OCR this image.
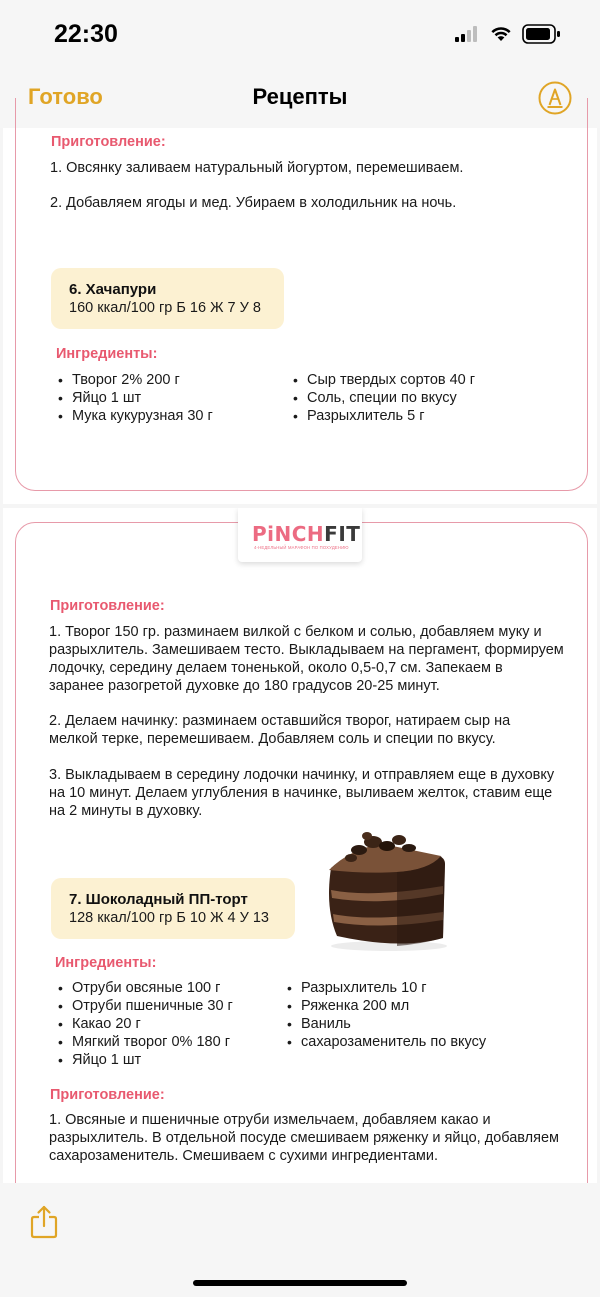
22:30
Готово	Рецепты
Приготовление:
1. Овсянку заливаем натуральный йогуртом, перемешиваем.
2. Добавляем ягоды и мед. Убираем в холодильник на ночь.
6. Хачапури
160 ккал/100 гр Б 16 Ж 7 У 8
Ингредиенты:
• Творог 2% 200 г
• Яйцо 1 шт
• Мука кукурузная 30 г
• Сыр твердых сортов 40 г
• Соль, специи по вкусу
• Разрыхлитель 5 г
PiNCHFIT
4-НЕДЕЛЬНЫЙ МАРАФОН ПО ПОХУДЕНИЮ
Приготовление:
1. Творог 150 гр. разминаем вилкой с белком и солью, добавляем муку и
разрыхлитель. Замешиваем тесто. Выкладываем на пергамент, формируем
лодочку, середину делаем тоненькой, около 0,5-0,7 см. Запекаем в
заранее разогретой духовке до 180 градусов 20-25 минут.
2. Делаем начинку: разминаем оставшийся творог, натираем сыр на
мелкой терке, перемешиваем. Добавляем соль и специи по вкусу.
3. Выкладываем в середину лодочки начинку, и отправляем еще в духовку
на 10 минут. Делаем углубления в начинке, выливаем желток, ставим еще
на 2 минуты в духовку.
7. Шоколадный ПП-торт
128 ккал/100 гр Б 10 Ж 4 У 13
Ингредиенты:
• Отруби овсяные 100 г
• Отруби пшеничные 30 г
• Какао 20 г
• Мягкий творог 0% 180 г
• Яйцо 1 шт
• Разрыхлитель 10 г
• Ряженка 200 мл
• Ваниль
• сахарозаменитель по вкусу
Приготовление:
1. Овсяные и пшеничные отруби измельчаем, добавляем какао и
разрыхлитель. В отдельной посуде смешиваем ряженку и яйцо, добавляем
сахарозаменитель. Смешиваем с сухими ингредиентами.
